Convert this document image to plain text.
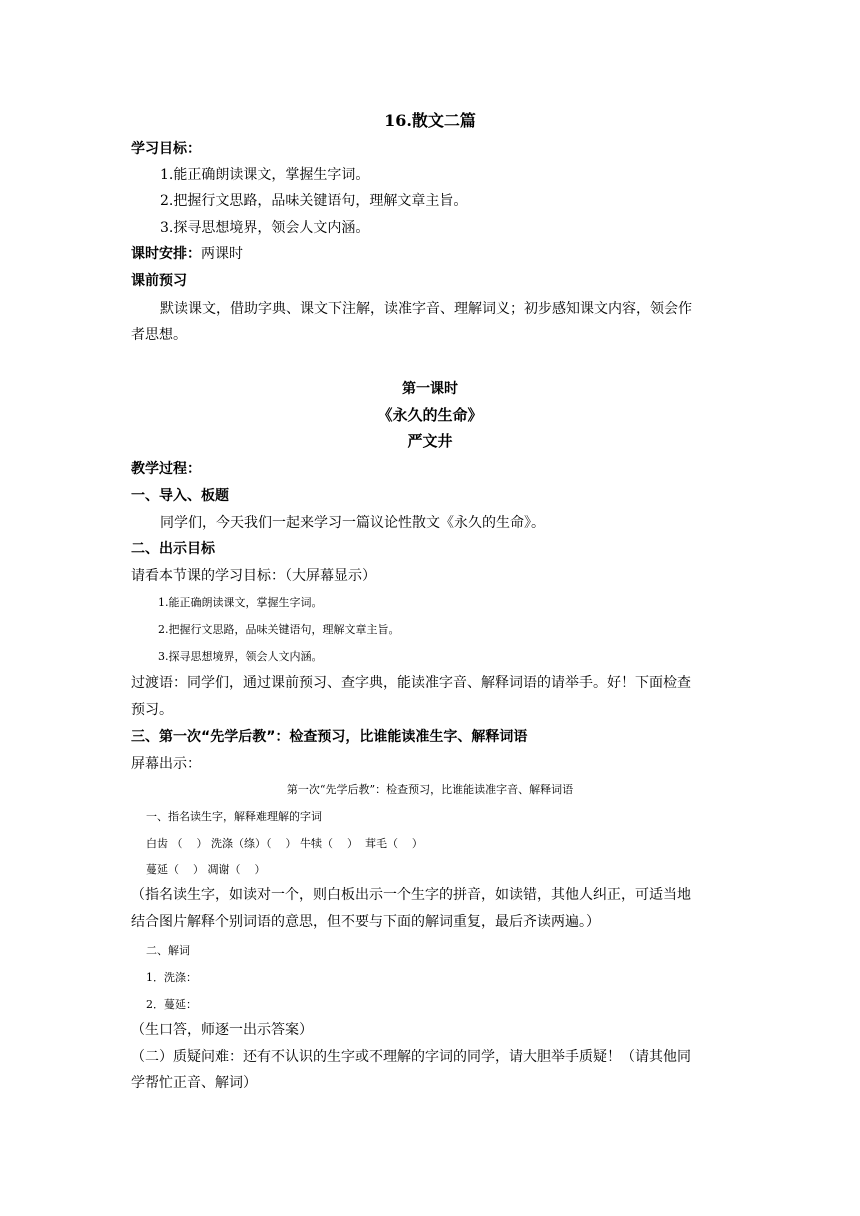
16.散文二篇
学习目标：
1.能正确朗读课文，掌握生字词。
2.把握行文思路，品味关键语句，理解文章主旨。
3.探寻思想境界，领会人文内涵。
课时安排：两课时
课前预习
默读课文，借助字典、课文下注解，读准字音、理解词义；初步感知课文内容，领会作
者思想。
第一课时
《永久的生命》
严文井
教学过程：
一、导入、板题
同学们，今天我们一起来学习一篇议论性散文《永久的生命》。
二、出示目标
请看本节课的学习目标：（大屏幕显示）
1.能正确朗读课文，掌握生字词。
2.把握行文思路，品味关键语句，理解文章主旨。
3.探寻思想境界，领会人文内涵。
过渡语：同学们，通过课前预习、查字典，能读准字音、解释词语的请举手。好！下面检查
预习。
三、第一次“先学后教”：检查预习，比谁能读准生字、解释词语
屏幕出示：
第一次“先学后教”：检查预习，比谁能读准字音、解释词语
一、指名读生字，解释难理解的字词
白齿 （    ） 洗涤（绦）（    ） 牛犊（    ）  茸毛（    ）
蔓延（    ） 凋谢（    ）
（指名读生字，如读对一个，则白板出示一个生字的拼音，如读错，其他人纠正，可适当地
结合图片解释个别词语的意思，但不要与下面的解词重复，最后齐读两遍。）
二、解词
1．洗涤：
2．蔓延：
（生口答，师逐一出示答案）
（二）质疑问难：还有不认识的生字或不理解的字词的同学，请大胆举手质疑！（请其他同
学帮忙正音、解词）
